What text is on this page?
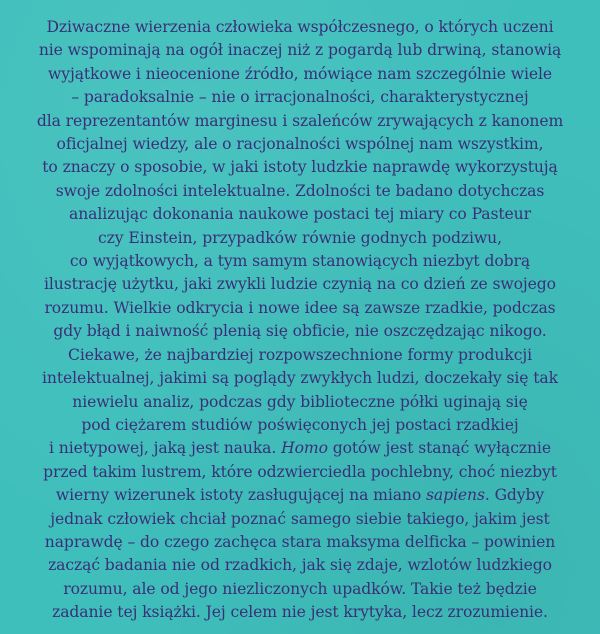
Dziwaczne wierzenia człowieka współczesnego, o których uczeni
nie wspominają na ogół inaczej niż z pogardą lub drwiną, stanowią
wyjątkowe i nieocenione źródło, mówiące nam szczególnie wiele
– paradoksalnie – nie o irracjonalności, charakterystycznej
dla reprezentantów marginesu i szaleńców zrywających z kanonem
oficjalnej wiedzy, ale o racjonalności wspólnej nam wszystkim,
to znaczy o sposobie, w jaki istoty ludzkie naprawdę wykorzystują
swoje zdolności intelektualne. Zdolności te badano dotychczas
analizując dokonania naukowe postaci tej miary co Pasteur
czy Einstein, przypadków równie godnych podziwu,
co wyjątkowych, a tym samym stanowiących niezbyt dobrą
ilustrację użytku, jaki zwykli ludzie czynią na co dzień ze swojego
rozumu. Wielkie odkrycia i nowe idee są zawsze rzadkie, podczas
gdy błąd i naiwność plenią się obficie, nie oszczędzając nikogo.
Ciekawe, że najbardziej rozpowszechnione formy produkcji
intelektualnej, jakimi są poglądy zwykłych ludzi, doczekały się tak
niewielu analiz, podczas gdy biblioteczne półki uginają się
pod ciężarem studiów poświęconych jej postaci rzadkiej
i nietypowej, jaką jest nauka. Homo gotów jest stanąć wyłącznie
przed takim lustrem, które odzwierciedla pochlebny, choć niezbyt
wierny wizerunek istoty zasługującej na miano sapiens. Gdyby
jednak człowiek chciał poznać samego siebie takiego, jakim jest
naprawdę – do czego zachęca stara maksyma delficka – powinien
zacząć badania nie od rzadkich, jak się zdaje, wzlotów ludzkiego
rozumu, ale od jego niezliczonych upadków. Takie też będzie
zadanie tej książki. Jej celem nie jest krytyka, lecz zrozumienie.
